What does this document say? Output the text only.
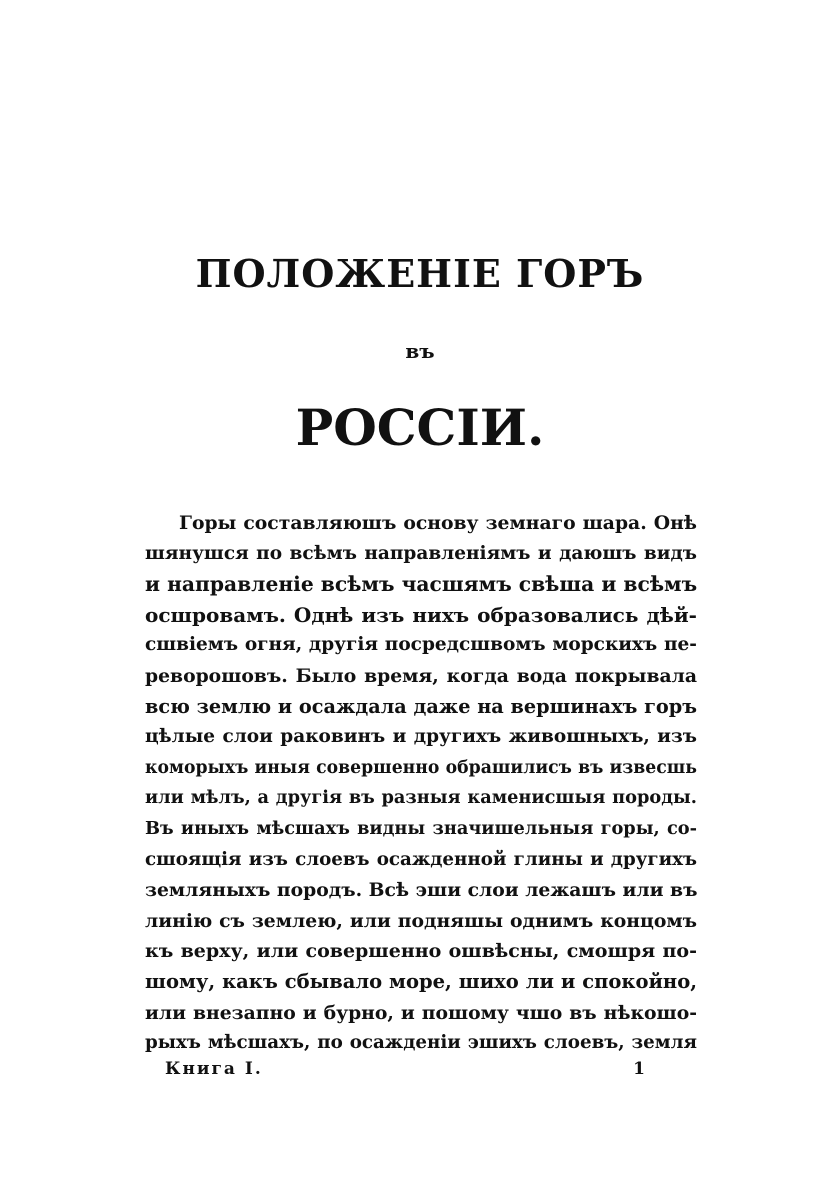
ПОЛОЖЕНІЕ ГОРЪ
въ
РОССІИ.
Горы составляюшъ основу земнаго шара. Онѣ
шянушся по всѣмъ направленіямъ и даюшъ видъ
и направленіе всѣмъ часшямъ свѣша и всѣмъ
осшровамъ. Однѣ изъ нихъ образовались дѣй-
сшвіемъ огня, другія посредсшвомъ морскихъ пе-
реворошовъ. Было время, когда вода покрывала
всю землю и осаждала даже на вершинахъ горъ
цѣлые слои раковинъ и другихъ живошныхъ, изъ
коморыхъ иныя совершенно обрашилисъ въ извесшь
или мѣлъ, а другія въ разныя каменисшыя породы.
Въ иныхъ мѣсшахъ видны значишельныя горы, со-
сшоящія изъ слоевъ осажденной глины и другихъ
земляныхъ породъ. Всѣ эши слои лежашъ или въ
линію съ землею, или подняшы однимъ концомъ
къ верху, или совершенно ошвѣсны, смошря по-
шому, какъ сбывало море, шихо ли и спокойно,
или внезапно и бурно, и пошому чшо въ нѣкошо-
рыхъ мѣсшахъ, по осажденіи эшихъ слоевъ, земля
Книга I.	1
